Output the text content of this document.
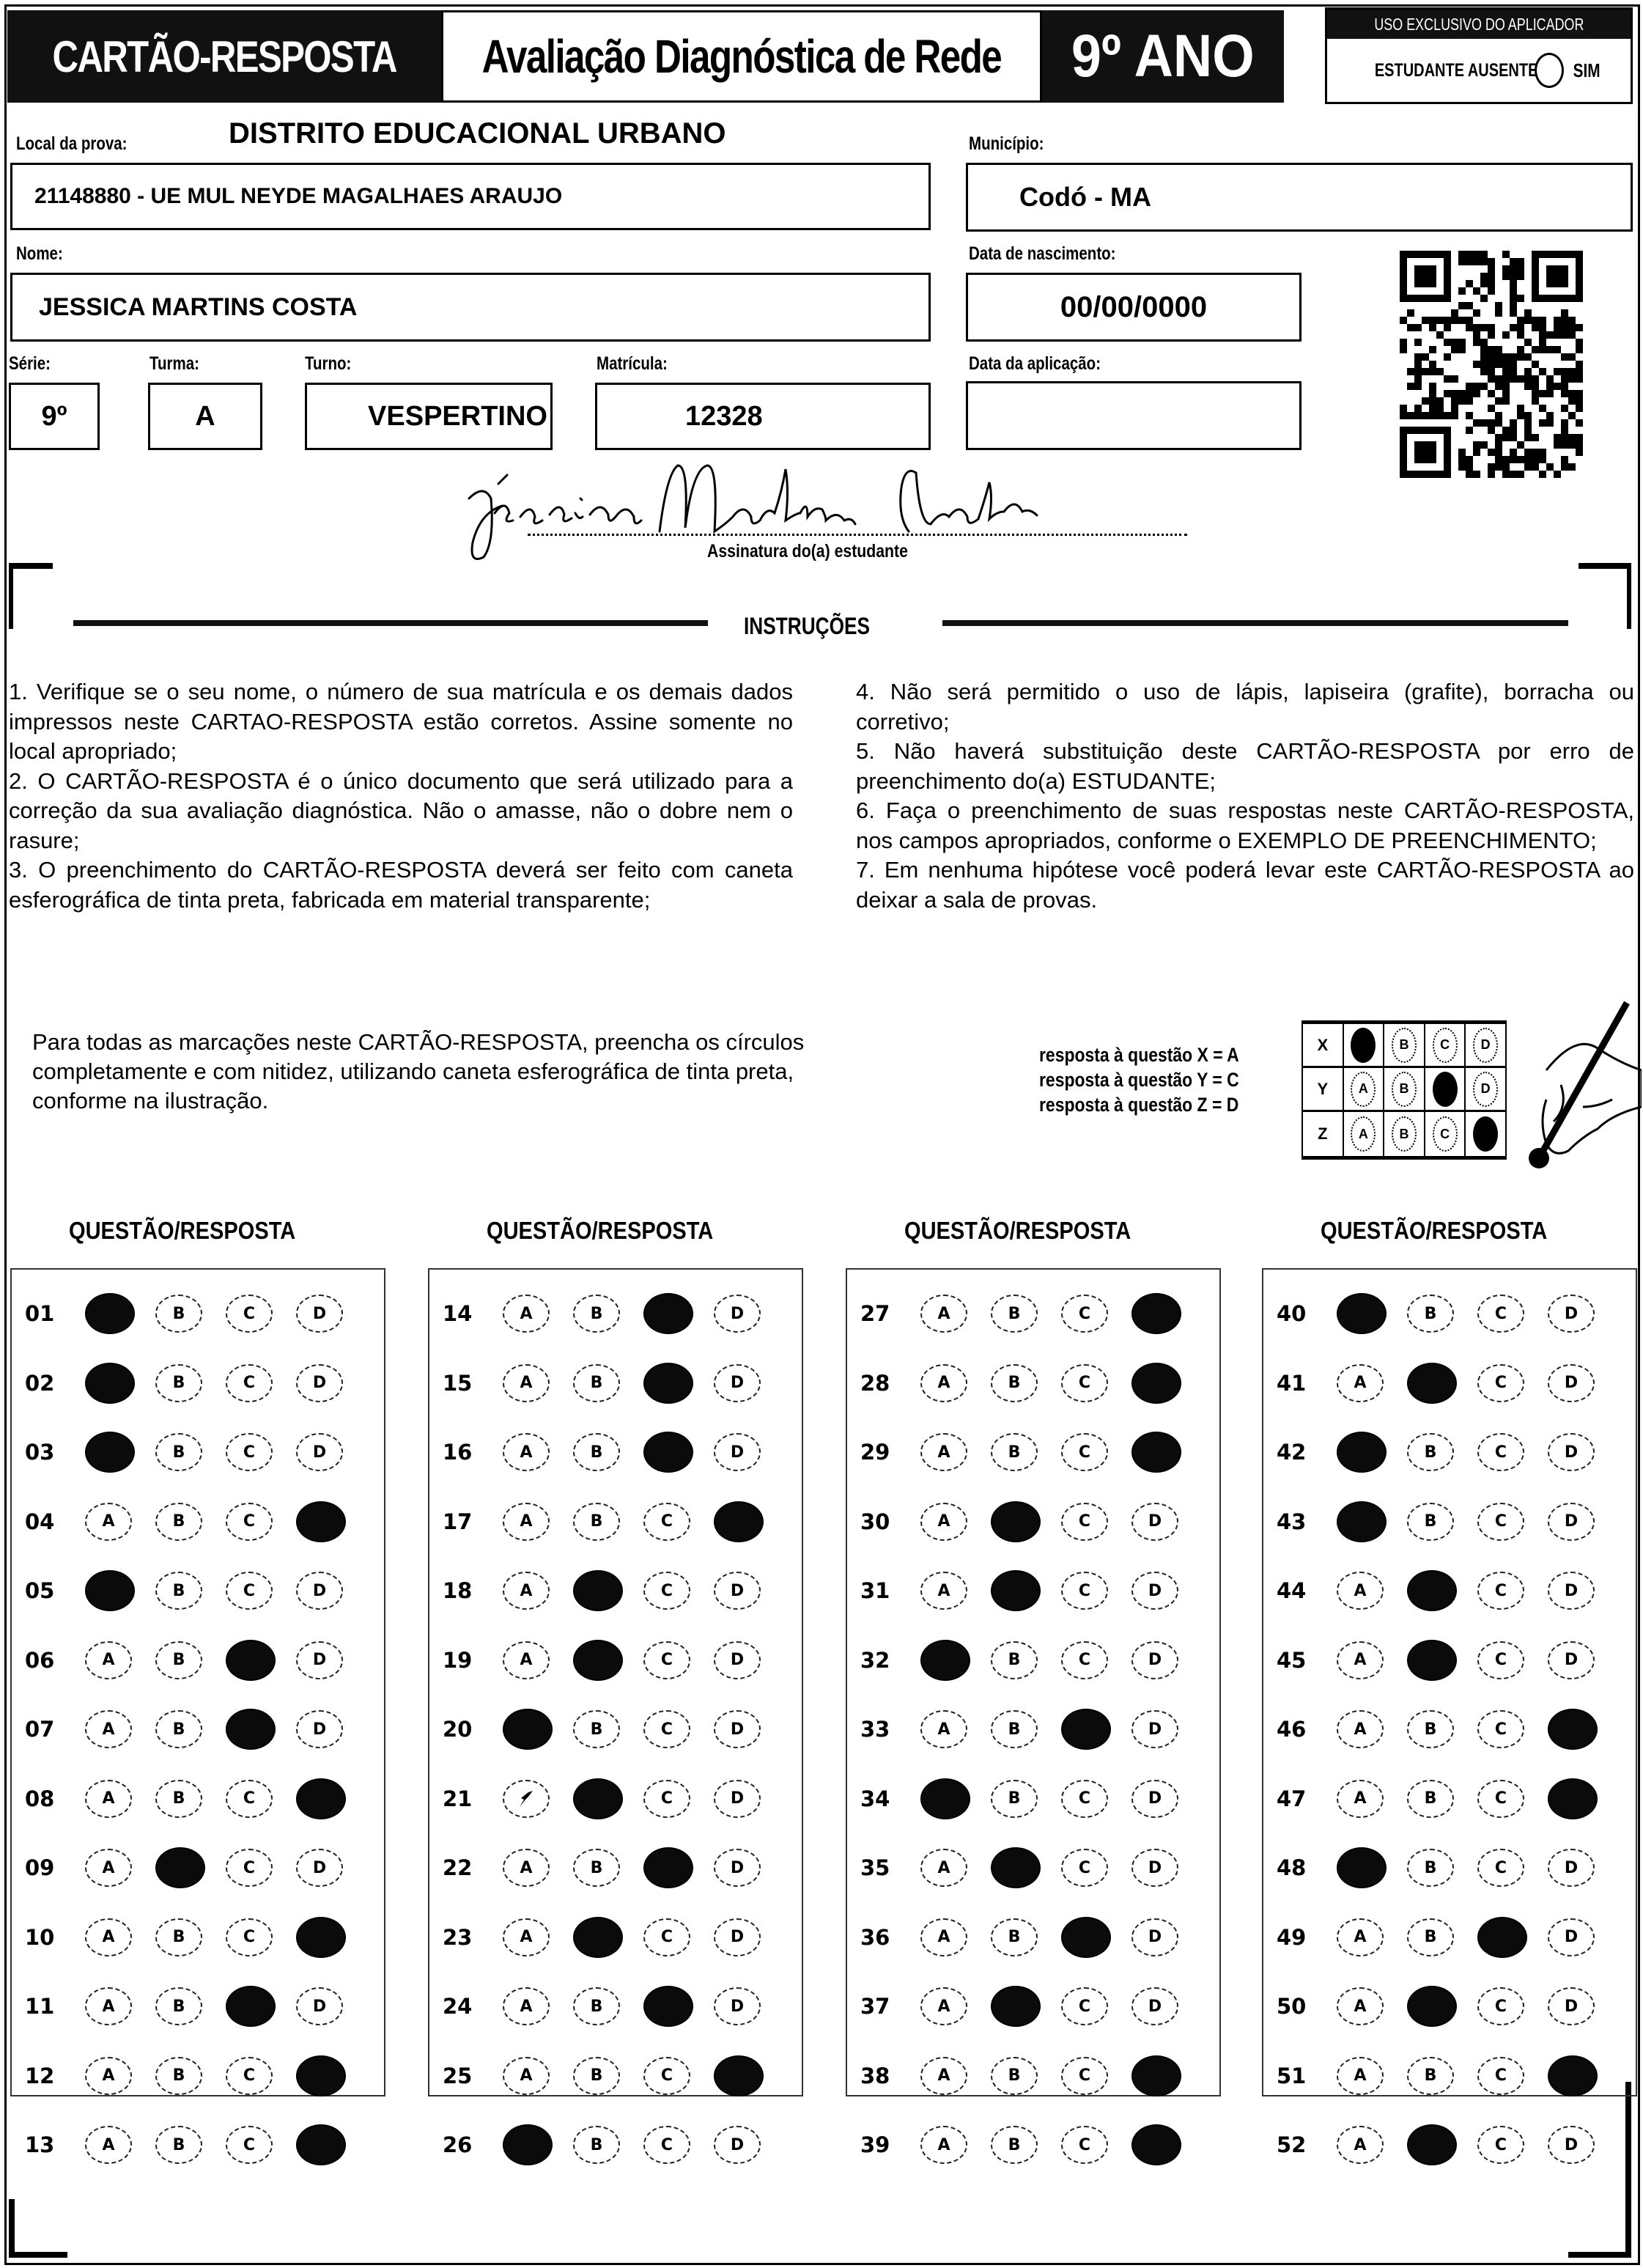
CARTÃO-RESPOSTA Avaliação Diagnóstica de Rede 9º ANO	USO EXCLUSIVO DO APLICADOR
ESTUDANTE AUSENTE SIM
Local da prova:	DISTRITO EDUCACIONAL URBANO
21148880 - UE MUL NEYDE MAGALHAES ARAUJO
Município:
Codó - MA
Nome:
JESSICA MARTINS COSTA
Data de nascimento:
00/00/0000
Série:
9º
Turma:
A
Turno:
VESPERTINO
Matrícula:
12328
Data da aplicação:
Assinatura do(a) estudante
INSTRUÇÕES

1. Verifique se o seu nome, o número de sua matrícula e os demais dados impressos neste CARTAO-RESPOSTA estão corretos. Assine somente no local apropriado;

2. O CARTÃO-RESPOSTA é o único documento que será utilizado para a correção da sua avaliação diagnóstica. Não o amasse, não o dobre nem o rasure;

3. O preenchimento do CARTÃO-RESPOSTA deverá ser feito com caneta esferográfica de tinta preta, fabricada em material transparente;

4. Não será permitido o uso de lápis, lapiseira (grafite), borracha ou corretivo;

5. Não haverá substituição deste CARTÃO-RESPOSTA por erro de preenchimento do(a) ESTUDANTE;

6. Faça o preenchimento de suas respostas neste CARTÃO-RESPOSTA, nos campos apropriados, conforme o EXEMPLO DE PREENCHIMENTO;

7. Em nenhuma hipótese você poderá levar este CARTÃO-RESPOSTA ao deixar a sala de provas.

Para todas as marcações neste CARTÃO-RESPOSTA, preencha os círculos completamente e com nitidez, utilizando caneta esferográfica de tinta preta, conforme na ilustração.
resposta à questão X = A
resposta à questão Y = C
resposta à questão Z = D
X	B	C	D
Y	A	B	D
Z	A	B	C
QUESTÃO/RESPOSTA
01	B	C	D
02	B	C	D
03	B	C	D
04	A	B	C
05	B	C	D
06	A	B	D
07	A	B	D
08	A	B	C
09	A	C	D
10	A	B	C
11	A	B	D
12	A	B	C
13	A	B	C
QUESTÃO/RESPOSTA
14	A	B	D
15	A	B	D
16	A	B	D
17	A	B	C
18	A	C	D
19	A	C	D
20	B	C	D
21	C	D
22	A	B	D
23	A	C	D
24	A	B	D
25	A	B	C
26	B	C	D
QUESTÃO/RESPOSTA
27	A	B	C
28	A	B	C
29	A	B	C
30	A	C	D
31	A	C	D
32	B	C	D
33	A	B	D
34	B	C	D
35	A	C	D
36	A	B	D
37	A	C	D
38	A	B	C
39	A	B	C
QUESTÃO/RESPOSTA
40	B	C	D
41	A	C	D
42	B	C	D
43	B	C	D
44	A	C	D
45	A	C	D
46	A	B	C
47	A	B	C
48	B	C	D
49	A	B	D
50	A	C	D
51	A	B	C
52	A	C	D
